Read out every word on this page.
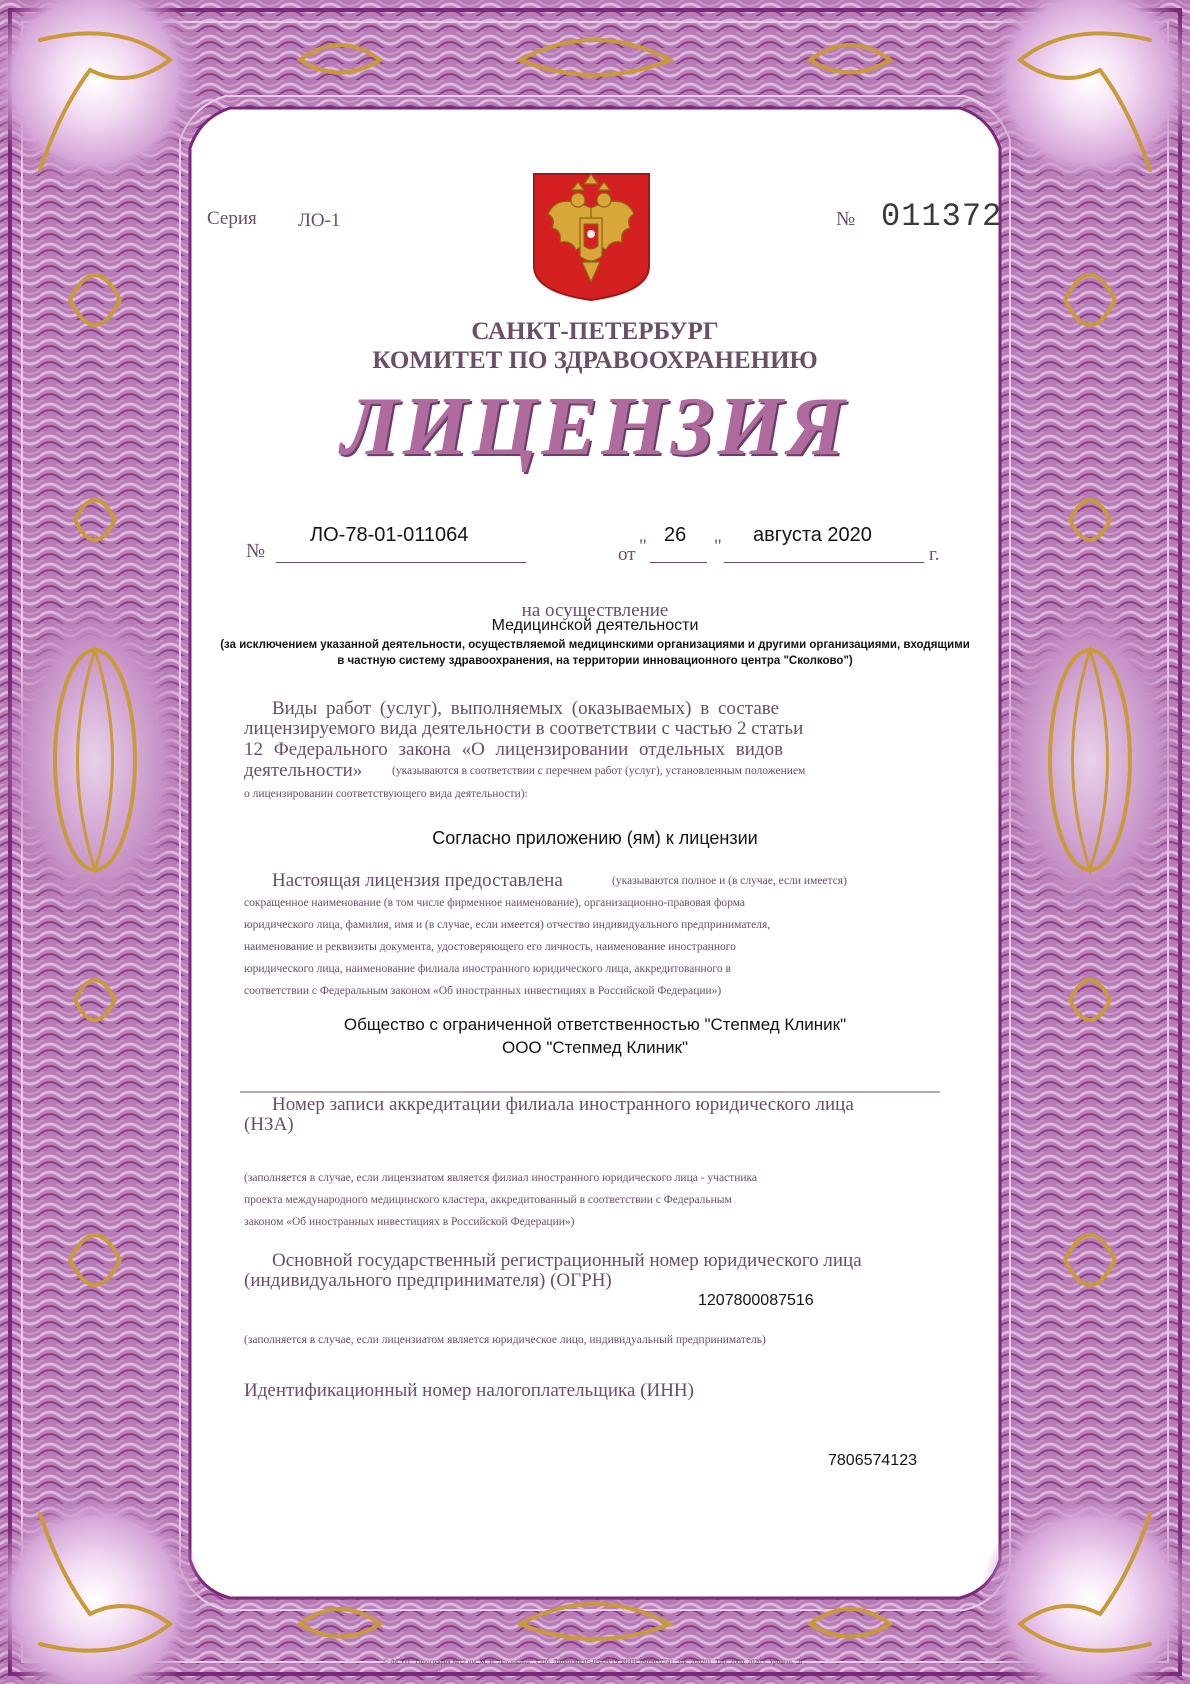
Серия ЛО-1	№ 011372
САНКТ-ПЕТЕРБУРГ
КОМИТЕТ ПО ЗДРАВООХРАНЕНИЮ
ЛИЦЕНЗИЯ
№
ЛО-78-01-011064
от "
26
"
августа 2020
г.
на осуществление
Медицинской деятельности
(за исключением указанной деятельности, осуществляемой медицинскими организациями и другими организациями, входящими
в частную систему здравоохранения, на территории инновационного центра "Сколково")
Виды работ (услуг), выполняемых (оказываемых) в составе
лицензируемого вида деятельности в соответствии с частью 2 статьи
12 Федерального закона «О лицензировании отдельных видов
деятельности»	(указываются в соответствии с перечнем работ (услуг), установленным положением
о лицензировании соответствующего вида деятельности):
Согласно приложению (ям) к лицензии
Настоящая лицензия предоставлена	(указываются полное и (в случае, если имеется)
сокращенное наименование (в том числе фирменное наименование), организационно-правовая форма
юридического лица, фамилия, имя и (в случае, если имеется) отчество индивидуального предпринимателя,
наименование и реквизиты документа, удостоверяющего его личность, наименование иностранного
юридического лица, наименование филиала иностранного юридического лица, аккредитованного в
соответствии с Федеральным законом «Об иностранных инвестициях в Российской Федерации»)
Общество с ограниченной ответственностью "Степмед Клиник"
ООО "Степмед Клиник"
Номер записи аккредитации филиала иностранного юридического лица
(НЗА)
(заполняется в случае, если лицензиатом является филиал иностранного юридического лица - участника
проекта международного медицинского кластера, аккредитованный в соответствии с Федеральным
законом «Об иностранных инвестициях в Российской Федерации»)
Основной государственный регистрационный номер юридического лица
(индивидуального предпринимателя) (ОГРН)
1207800087516
(заполняется в случае, если лицензиатом является юридическое лицо, индивидуальный предприниматель)
Идентификационный номер налогоплательщика (ИНН)
7806574123
© ФГУП "Типография №12 им. М. И. Лоханкина". СПб. Лицензия 05-03-09/19. ИНН 7809037741. Зак. 200201. Тир. 2000. 2020 г. Уровень "Б".
